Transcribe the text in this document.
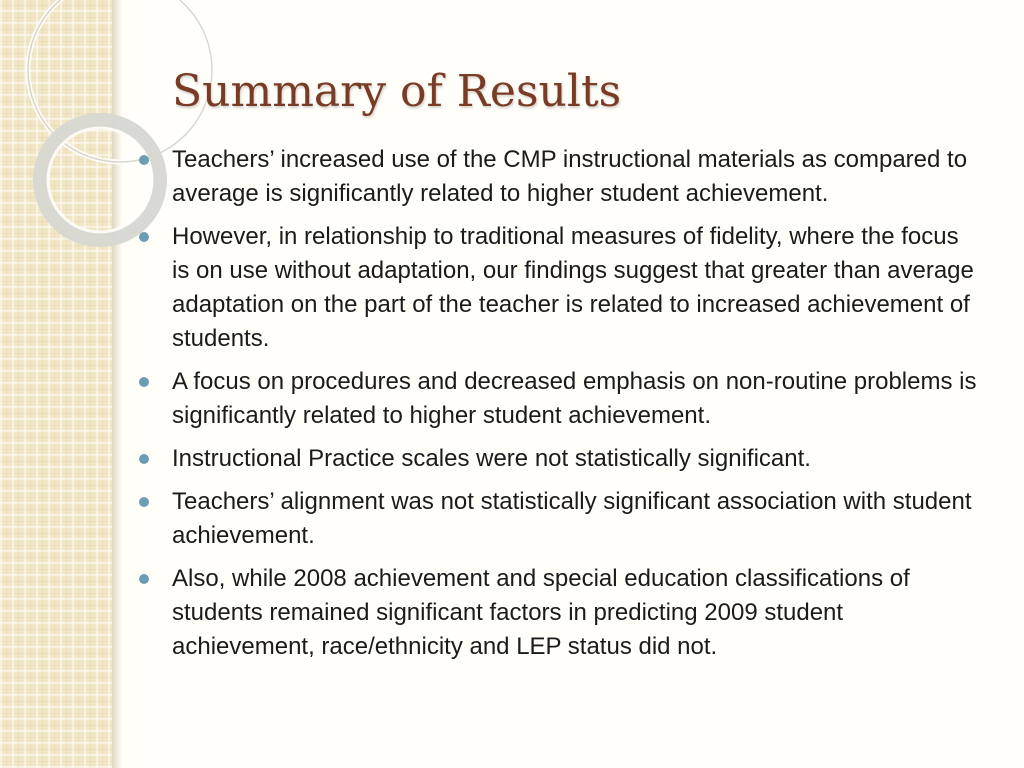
Summary of Results
Teachers’ increased use of the CMP instructional materials as compared to average is significantly related to higher student achievement.
However, in relationship to traditional measures of fidelity, where the focus is on use without adaptation, our findings suggest that greater than average adaptation on the part of the teacher is related to increased achievement of students.
A focus on procedures and decreased emphasis on non-routine problems is significantly related to higher student achievement.
Instructional Practice scales were not statistically significant.
Teachers’ alignment was not statistically significant association with student achievement.
Also, while 2008 achievement and special education classifications of students remained significant factors in predicting 2009 student achievement, race/ethnicity and LEP status did not.
